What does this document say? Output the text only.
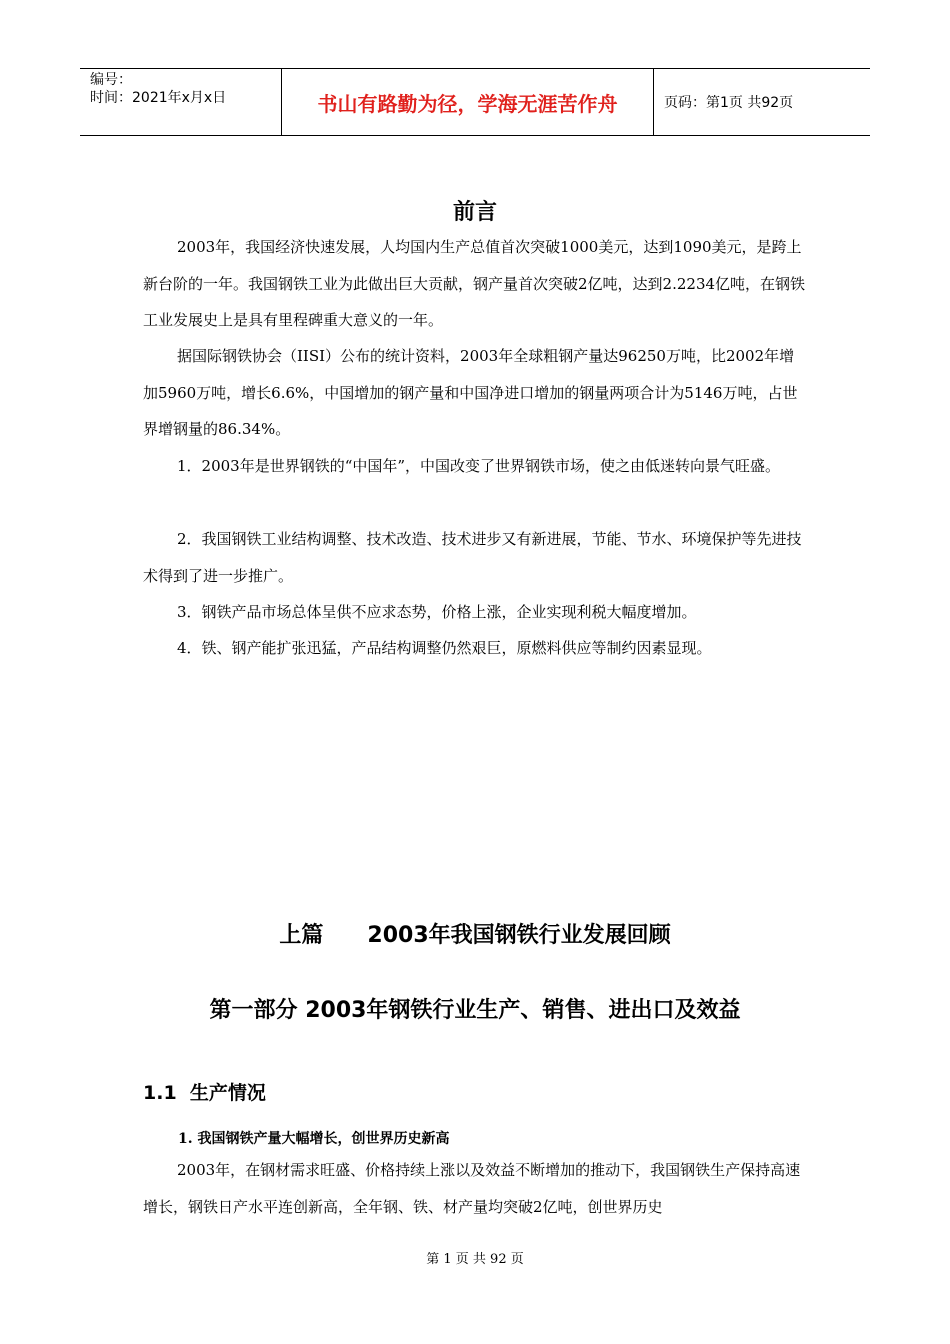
编号：
时间：2021年x月x日	书山有路勤为径，学海无涯苦作舟	页码：第1页 共92页
前言

2003年，我国经济快速发展，人均国内生产总值首次突破1000美元，达到1090美元，是跨上新台阶的一年。我国钢铁工业为此做出巨大贡献，钢产量首次突破2亿吨，达到2.2234亿吨，在钢铁工业发展史上是具有里程碑重大意义的一年。

据国际钢铁协会（IISI）公布的统计资料，2003年全球粗钢产量达96250万吨，比2002年增加5960万吨，增长6.6%，中国增加的钢产量和中国净进口增加的钢量两项合计为5146万吨，占世界增钢量的86.34%。

1．2003年是世界钢铁的“中国年”，中国改变了世界钢铁市场，使之由低迷转向景气旺盛。

2．我国钢铁工业结构调整、技术改造、技术进步又有新进展，节能、节水、环境保护等先进技术得到了进一步推广。

3．钢铁产品市场总体呈供不应求态势，价格上涨，企业实现利税大幅度增加。

4．铁、钢产能扩张迅猛，产品结构调整仍然艰巨，原燃料供应等制约因素显现。

上篇 2003年我国钢铁行业发展回顾
第一部分 2003年钢铁行业生产、销售、进出口及效益
1.1 生产情况
1. 我国钢铁产量大幅增长，创世界历史新高

2003年，在钢材需求旺盛、价格持续上涨以及效益不断增加的推动下，我国钢铁生产保持高速增长，钢铁日产水平连创新高，全年钢、铁、材产量均突破2亿吨，创世界历史

第 1 页 共 92 页
